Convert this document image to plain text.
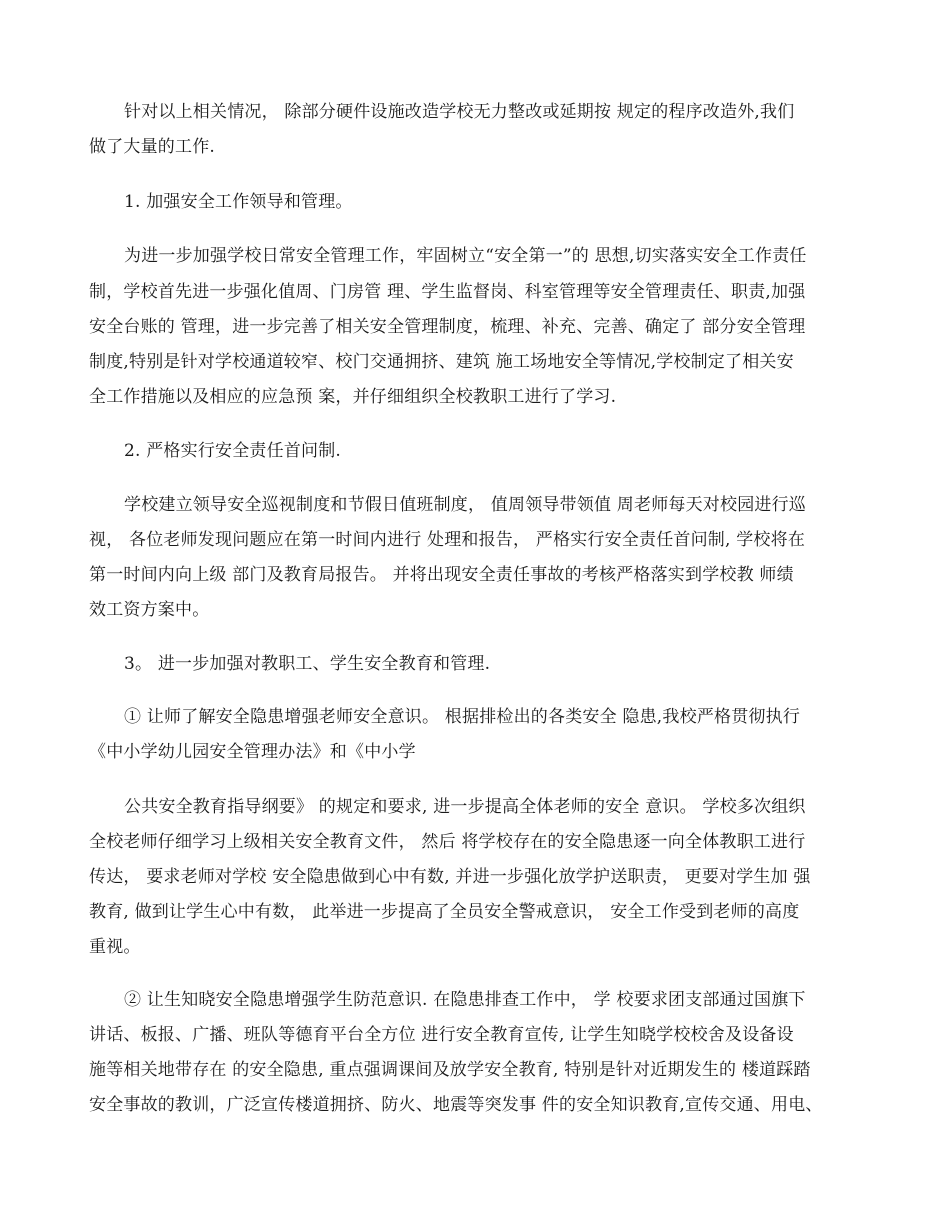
针对以上相关情况， 除部分硬件设施改造学校无力整改或延期按 规定的程序改造外,我们
做了大量的工作.
1. 加强安全工作领导和管理。
为进一步加强学校日常安全管理工作，牢固树立“安全第一”的 思想,切实落实安全工作责任
制，学校首先进一步强化值周、门房管 理、学生监督岗、科室管理等安全管理责任、职责,加强
安全台账的 管理，进一步完善了相关安全管理制度，梳理、补充、完善、确定了 部分安全管理
制度,特别是针对学校通道较窄、校门交通拥挤、建筑 施工场地安全等情况,学校制定了相关安
全工作措施以及相应的应急预 案，并仔细组织全校教职工进行了学习.
2. 严格实行安全责任首问制.
学校建立领导安全巡视制度和节假日值班制度， 值周领导带领值 周老师每天对校园进行巡
视， 各位老师发现问题应在第一时间内进行 处理和报告， 严格实行安全责任首问制, 学校将在
第一时间内向上级 部门及教育局报告。 并将出现安全责任事故的考核严格落实到学校教 师绩
效工资方案中。
3。 进一步加强对教职工、学生安全教育和管理.
① 让师了解安全隐患增强老师安全意识。 根据排检出的各类安全 隐患,我校严格贯彻执行
《中小学幼儿园安全管理办法》和《中小学
公共安全教育指导纲要》 的规定和要求, 进一步提高全体老师的安全 意识。 学校多次组织
全校老师仔细学习上级相关安全教育文件， 然后 将学校存在的安全隐患逐一向全体教职工进行
传达， 要求老师对学校 安全隐患做到心中有数, 并进一步强化放学护送职责， 更要对学生加 强
教育, 做到让学生心中有数， 此举进一步提高了全员安全警戒意识， 安全工作受到老师的高度
重视。
② 让生知晓安全隐患增强学生防范意识. 在隐患排查工作中， 学 校要求团支部通过国旗下
讲话、板报、广播、班队等德育平台全方位 进行安全教育宣传, 让学生知晓学校校舍及设备设
施等相关地带存在 的安全隐患, 重点强调课间及放学安全教育, 特别是针对近期发生的 楼道踩踏
安全事故的教训，广泛宣传楼道拥挤、防火、地震等突发事 件的安全知识教育,宣传交通、用电、
